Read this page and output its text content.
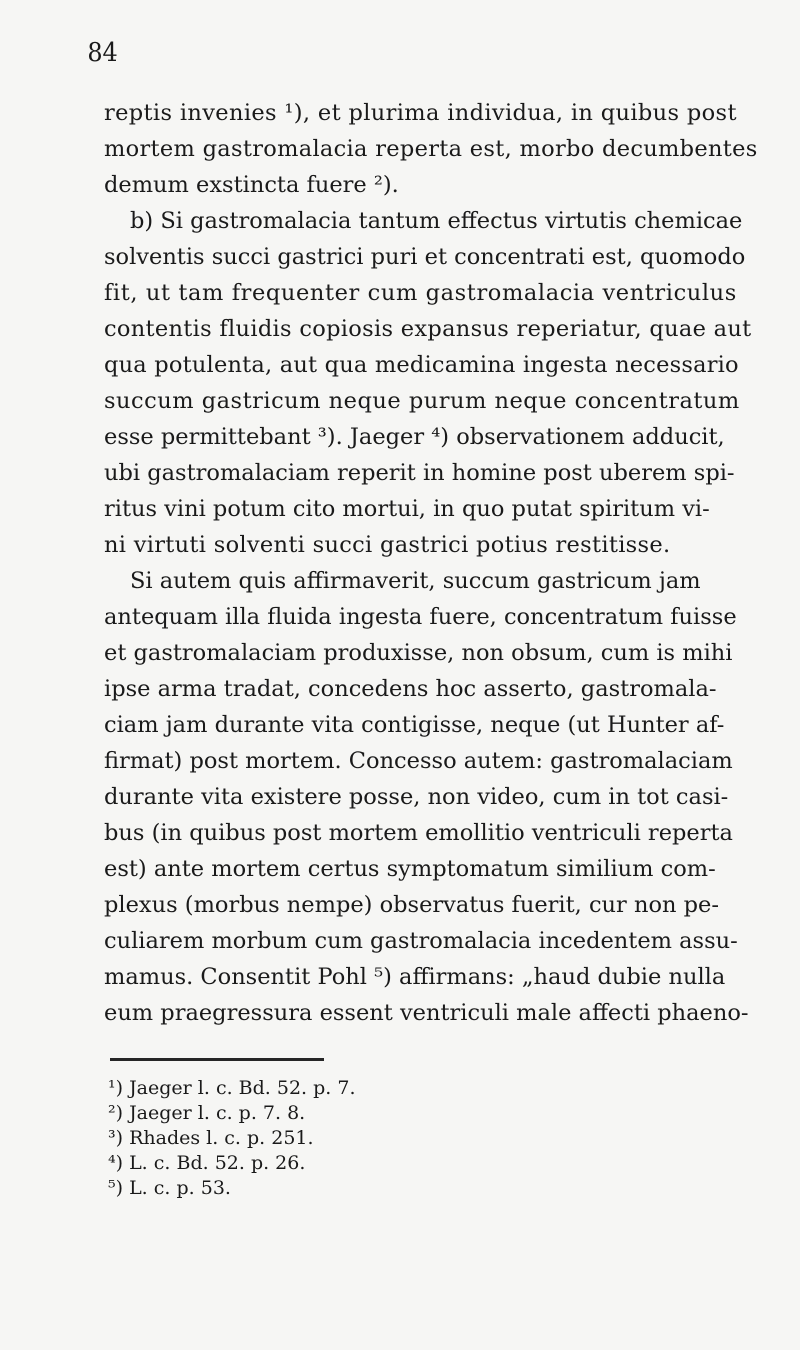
84
reptis invenies ¹), et plurima individua, in quibus post
mortem gastromalacia reperta est, morbo decumbentes
demum exstincta fuere ²).
b) Si gastromalacia tantum effectus virtutis chemicae
solventis succi gastrici puri et concentrati est, quomodo
fit, ut tam frequenter cum gastromalacia ventriculus
contentis fluidis copiosis expansus reperiatur, quae aut
qua potulenta, aut qua medicamina ingesta necessario
succum gastricum neque purum neque concentratum
esse permittebant ³). Jaeger ⁴) observationem adducit,
ubi gastromalaciam reperit in homine post uberem spi-
ritus vini potum cito mortui, in quo putat spiritum vi-
ni virtuti solventi succi gastrici potius restitisse.
Si autem quis affirmaverit, succum gastricum jam
antequam illa fluida ingesta fuere, concentratum fuisse
et gastromalaciam produxisse, non obsum, cum is mihi
ipse arma tradat, concedens hoc asserto, gastromala-
ciam jam durante vita contigisse, neque (ut Hunter af-
firmat) post mortem. Concesso autem: gastromalaciam
durante vita existere posse, non video, cum in tot casi-
bus (in quibus post mortem emollitio ventriculi reperta
est) ante mortem certus symptomatum similium com-
plexus (morbus nempe) observatus fuerit, cur non pe-
culiarem morbum cum gastromalacia incedentem assu-
mamus. Consentit Pohl ⁵) affirmans: „haud dubie nulla
eum praegressura essent ventriculi male affecti phaeno-
¹) Jaeger l. c. Bd. 52. p. 7.
²) Jaeger l. c. p. 7. 8.
³) Rhades l. c. p. 251.
⁴) L. c. Bd. 52. p. 26.
⁵) L. c. p. 53.
